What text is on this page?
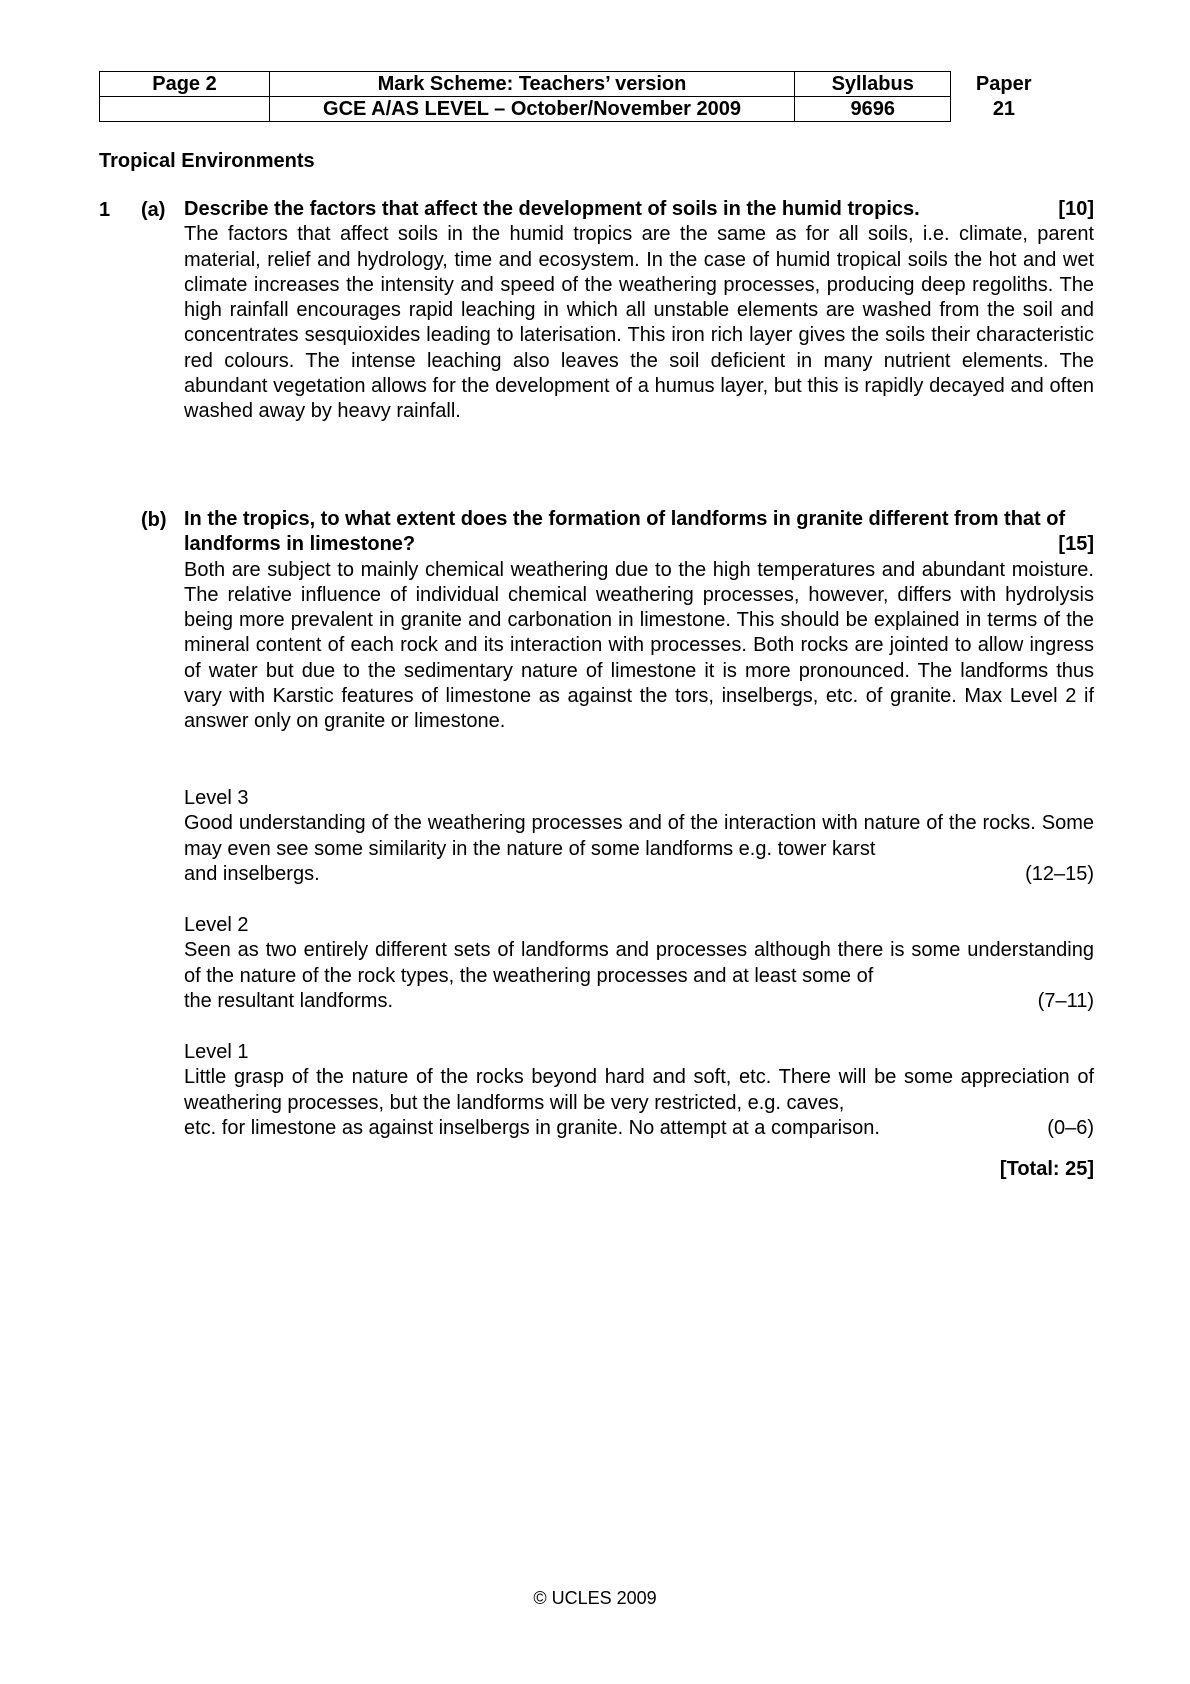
Page 2	Mark Scheme: Teachers’ version	Syllabus	Paper
	GCE A/AS LEVEL – October/November 2009	9696	21
Tropical Environments
1 (a) Describe the factors that affect the development of soils in the humid tropics.	[10]

The factors that affect soils in the humid tropics are the same as for all soils, i.e. climate, parent material, relief and hydrology, time and ecosystem. In the case of humid tropical soils the hot and wet climate increases the intensity and speed of the weathering processes, producing deep regoliths. The high rainfall encourages rapid leaching in which all unstable elements are washed from the soil and concentrates sesquioxides leading to laterisation. This iron rich layer gives the soils their characteristic red colours. The intense leaching also leaves the soil deficient in many nutrient elements. The abundant vegetation allows for the development of a humus layer, but this is rapidly decayed and often washed away by heavy rainfall.

(b) In the tropics, to what extent does the formation of landforms in granite different from that of landforms in limestone?	[15]

Both are subject to mainly chemical weathering due to the high temperatures and abundant moisture. The relative influence of individual chemical weathering processes, however, differs with hydrolysis being more prevalent in granite and carbonation in limestone. This should be explained in terms of the mineral content of each rock and its interaction with processes. Both rocks are jointed to allow ingress of water but due to the sedimentary nature of limestone it is more pronounced. The landforms thus vary with Karstic features of limestone as against the tors, inselbergs, etc. of granite. Max Level 2 if answer only on granite or limestone.

Level 3

Good understanding of the weathering processes and of the interaction with nature of the rocks. Some may even see some similarity in the nature of some landforms e.g. tower karst

and inselbergs.	(12–15)

Level 2

Seen as two entirely different sets of landforms and processes although there is some understanding of the nature of the rock types, the weathering processes and at least some of

the resultant landforms.	(7–11)

Level 1

Little grasp of the nature of the rocks beyond hard and soft, etc. There will be some appreciation of weathering processes, but the landforms will be very restricted, e.g. caves,

etc. for limestone as against inselbergs in granite. No attempt at a comparison.	(0–6)
[Total: 25]
© UCLES 2009
